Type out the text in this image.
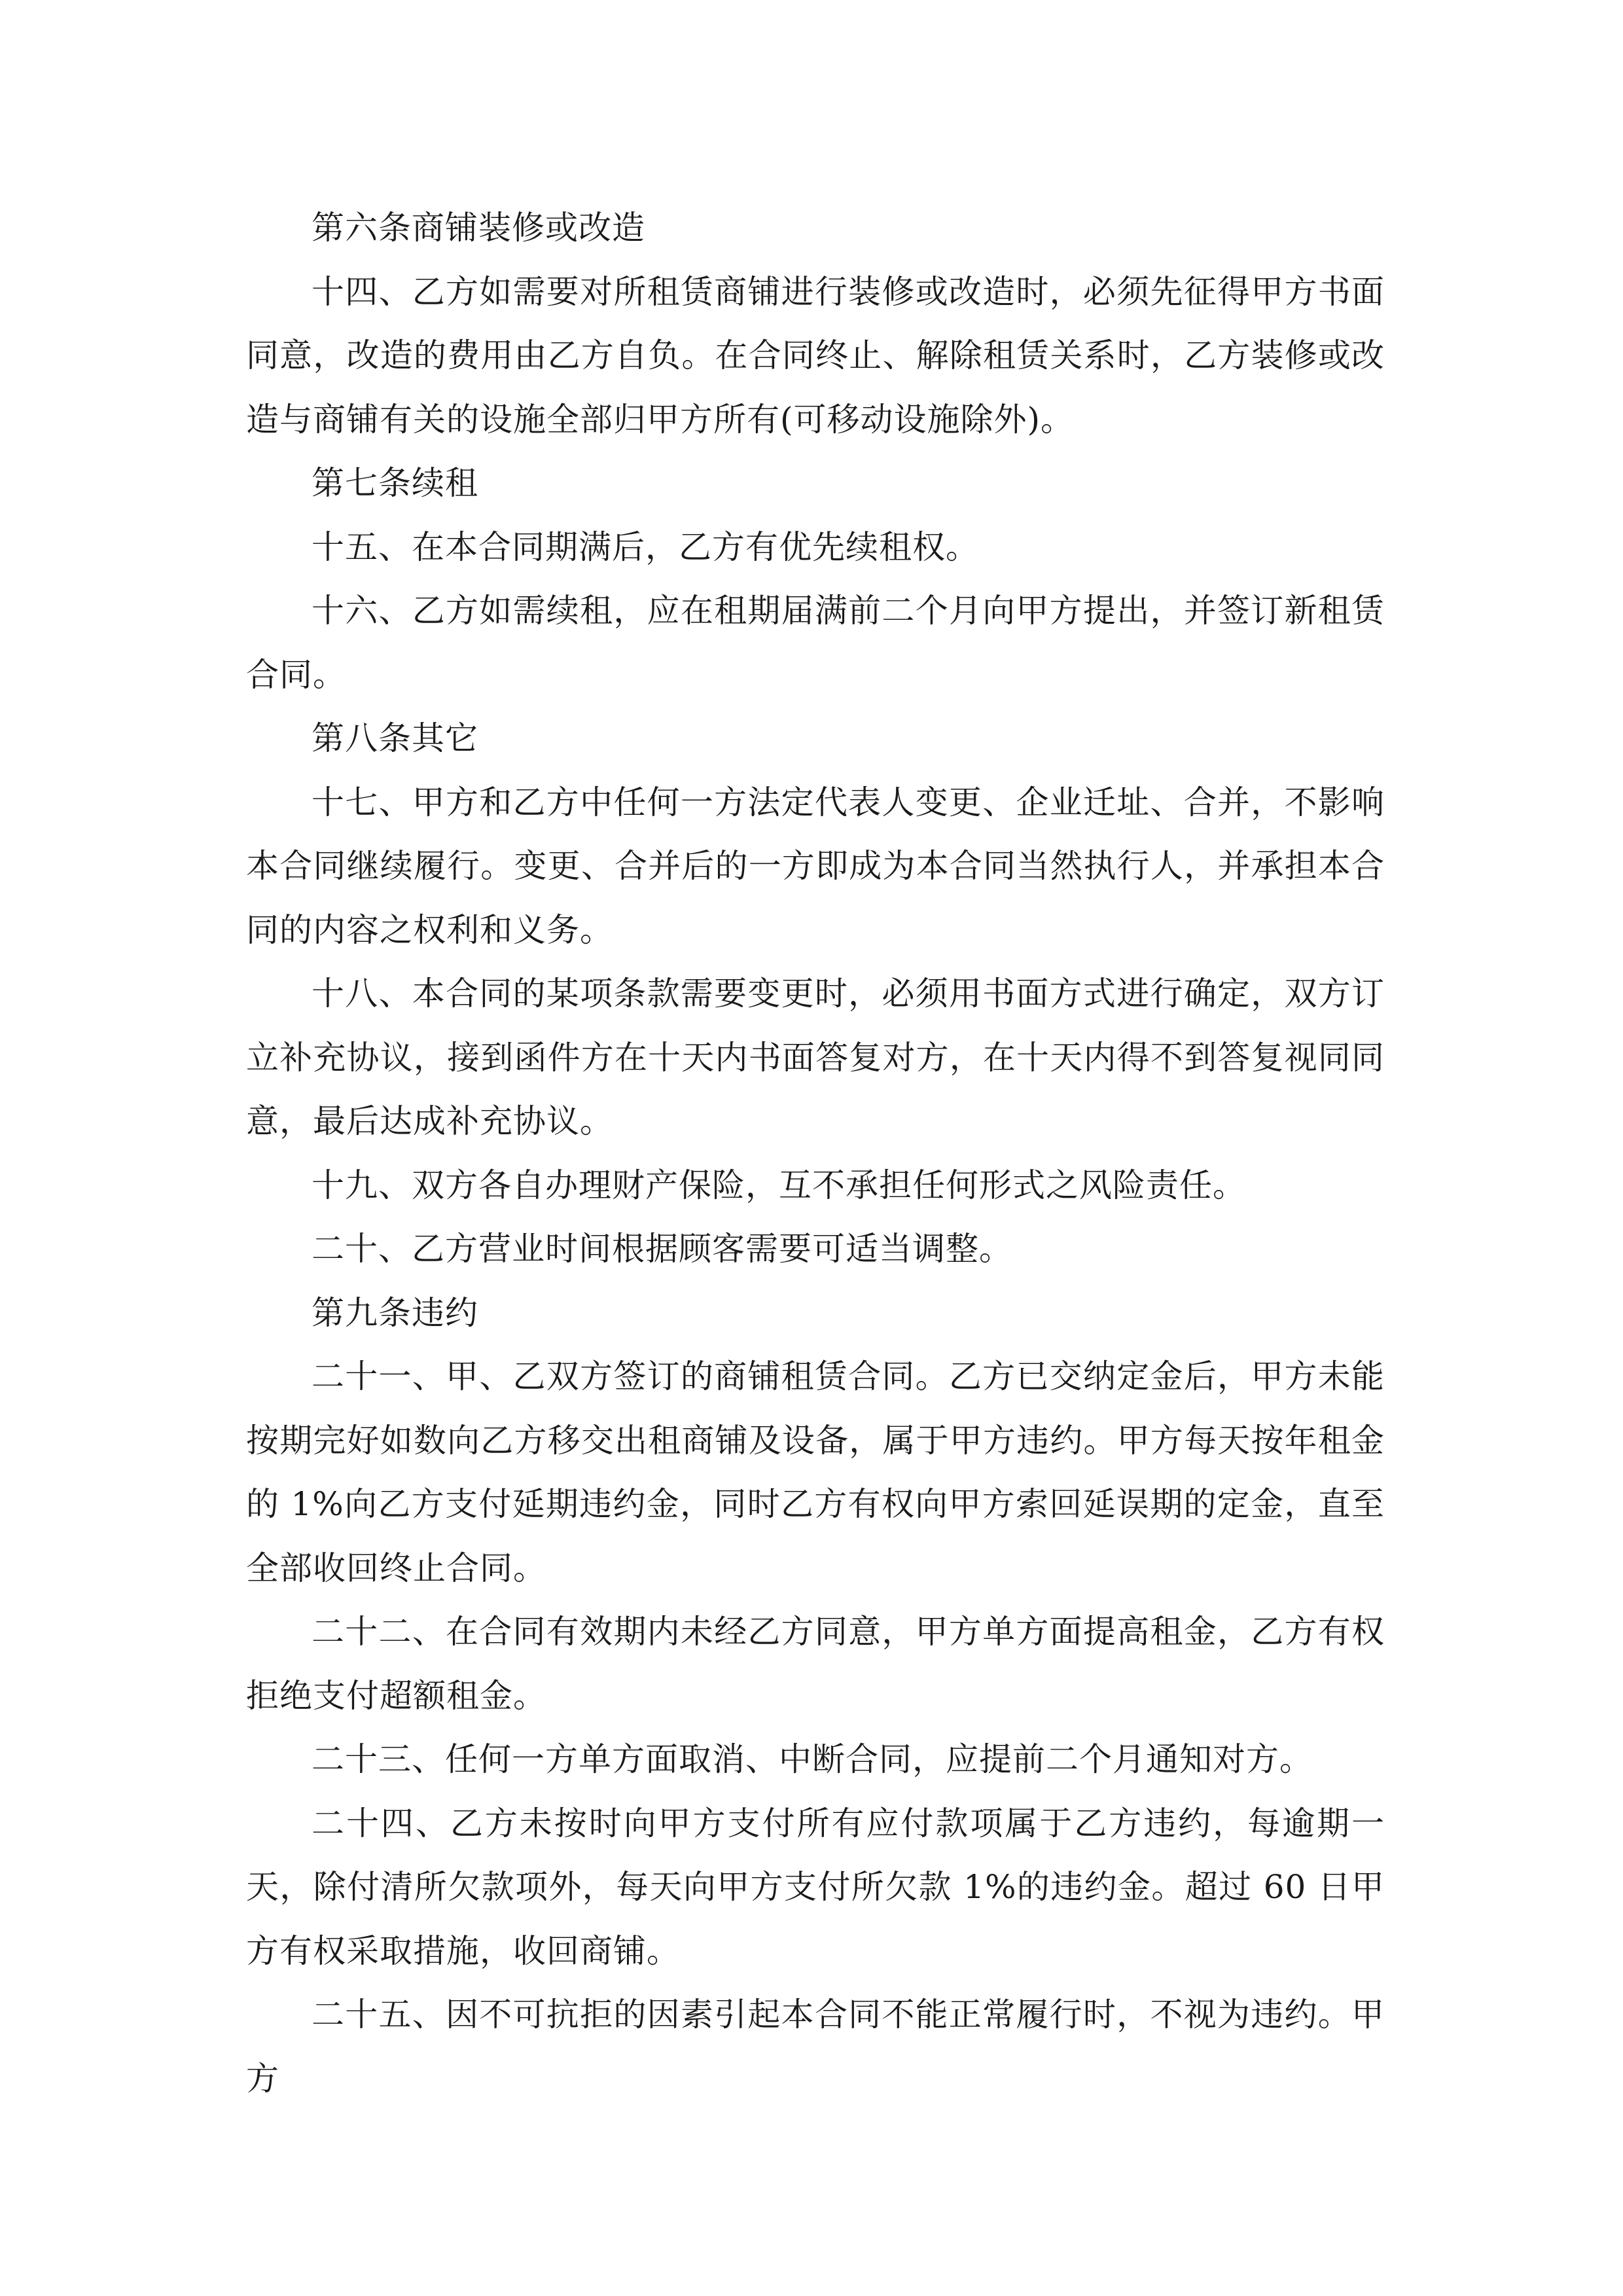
第六条商铺装修或改造

十四、乙方如需要对所租赁商铺进行装修或改造时，必须先征得甲方书面同意，改造的费用由乙方自负。在合同终止、解除租赁关系时，乙方装修或改造与商铺有关的设施全部归甲方所有(可移动设施除外)。

第七条续租

十五、在本合同期满后，乙方有优先续租权。

十六、乙方如需续租，应在租期届满前二个月向甲方提出，并签订新租赁合同。

第八条其它

十七、甲方和乙方中任何一方法定代表人变更、企业迁址、合并，不影响本合同继续履行。变更、合并后的一方即成为本合同当然执行人，并承担本合同的内容之权利和义务。

十八、本合同的某项条款需要变更时，必须用书面方式进行确定，双方订立补充协议，接到函件方在十天内书面答复对方，在十天内得不到答复视同同意，最后达成补充协议。

十九、双方各自办理财产保险，互不承担任何形式之风险责任。

二十、乙方营业时间根据顾客需要可适当调整。

第九条违约

二十一、甲、乙双方签订的商铺租赁合同。乙方已交纳定金后，甲方未能按期完好如数向乙方移交出租商铺及设备，属于甲方违约。甲方每天按年租金的 1%向乙方支付延期违约金，同时乙方有权向甲方索回延误期的定金，直至全部收回终止合同。

二十二、在合同有效期内未经乙方同意，甲方单方面提高租金，乙方有权拒绝支付超额租金。

二十三、任何一方单方面取消、中断合同，应提前二个月通知对方。

二十四、乙方未按时向甲方支付所有应付款项属于乙方违约，每逾期一天，除付清所欠款项外，每天向甲方支付所欠款 1%的违约金。超过 60 日甲方有权采取措施，收回商铺。

二十五、因不可抗拒的因素引起本合同不能正常履行时，不视为违约。甲方
